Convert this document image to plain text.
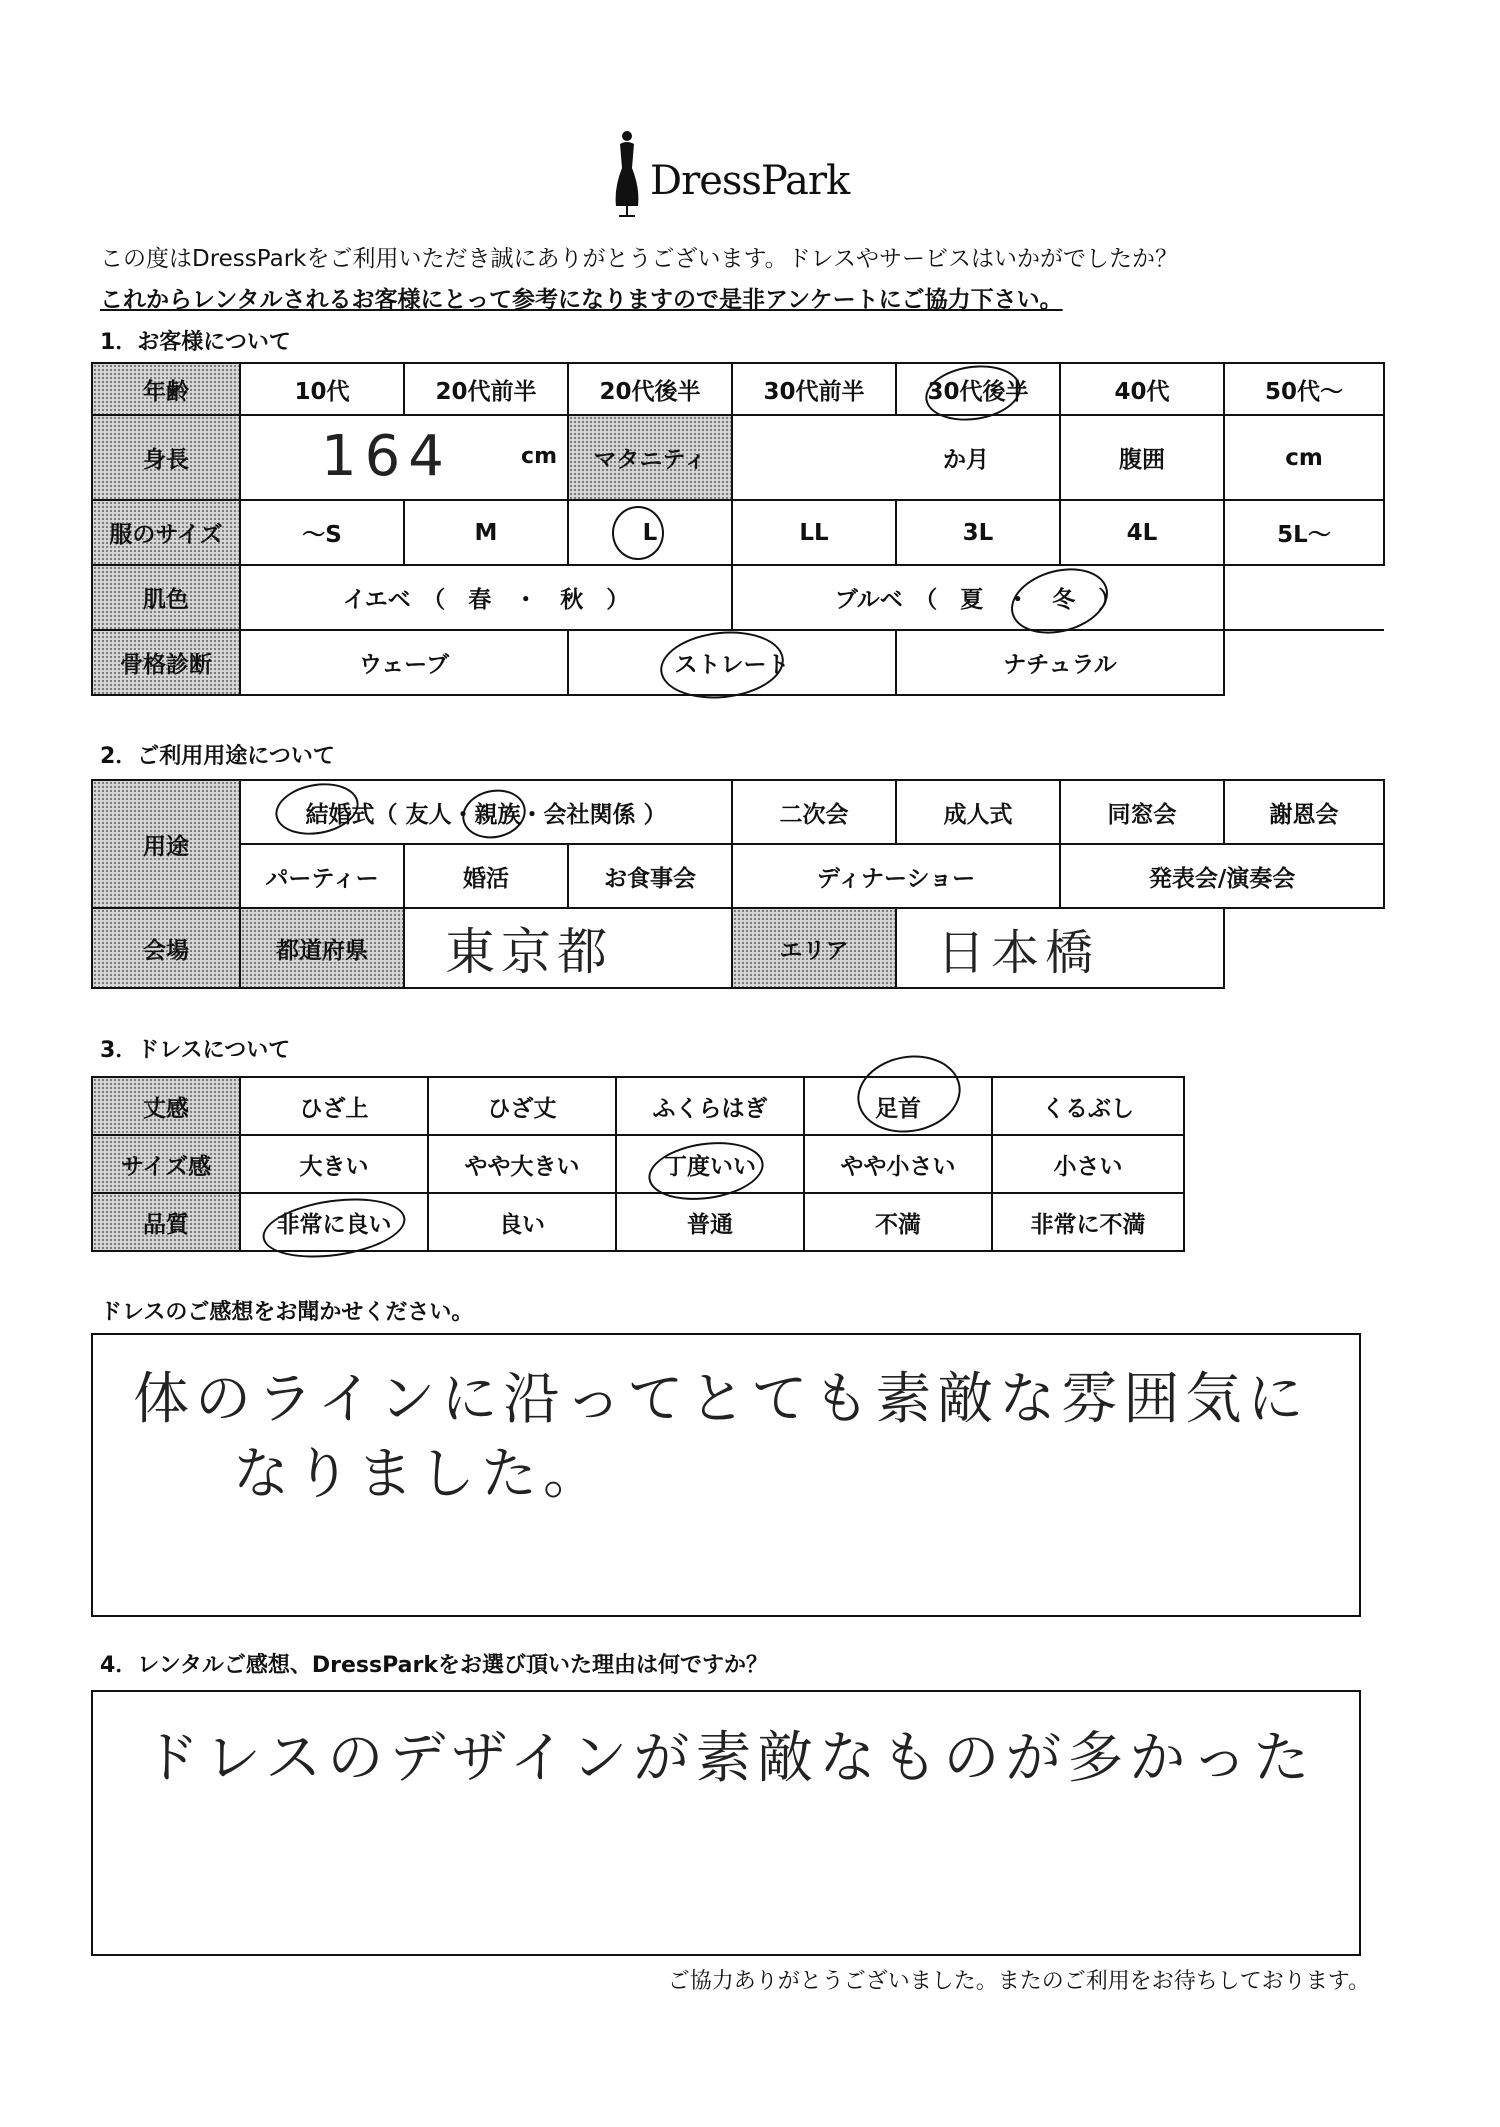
DressPark
この度はDressParkをご利用いただき誠にありがとうございます。ドレスやサービスはいかがでしたか？
これからレンタルされるお客様にとって参考になりますので是非アンケートにご協力下さい。
1．お客様について
年齢	10代	20代前半	20代後半	30代前半	30代後半	40代	50代～
身長	164 cm		マタニティ	か月		腹囲	cm
服のサイズ	～S	M	L	LL	3L	4L	5L～
肌色	イエベ　（　春　・　秋　）			ブルベ　（　夏　・　冬　）			
骨格診断	ウェーブ		ストレート		ナチュラル		
2．ご利用用途について
用途	結婚式（ 友人・親族・会社関係 ）			二次会	成人式	同窓会	謝恩会
	パーティー	婚活	お食事会	ディナーショー		発表会/演奏会	
会場	都道府県	東京都		エリア	日本橋		
3．ドレスについて
丈感	ひざ上	ひざ丈	ふくらはぎ	足首	くるぶし
サイズ感	大きい	やや大きい	丁度いい	やや小さい	小さい
品質	非常に良い	良い	普通	不満	非常に不満
ドレスのご感想をお聞かせください。
体のラインに沿ってとても素敵な雰囲気に
なりました。
4．レンタルご感想、DressParkをお選び頂いた理由は何ですか？
ドレスのデザインが素敵なものが多かった
ご協力ありがとうございました。またのご利用をお待ちしております。
